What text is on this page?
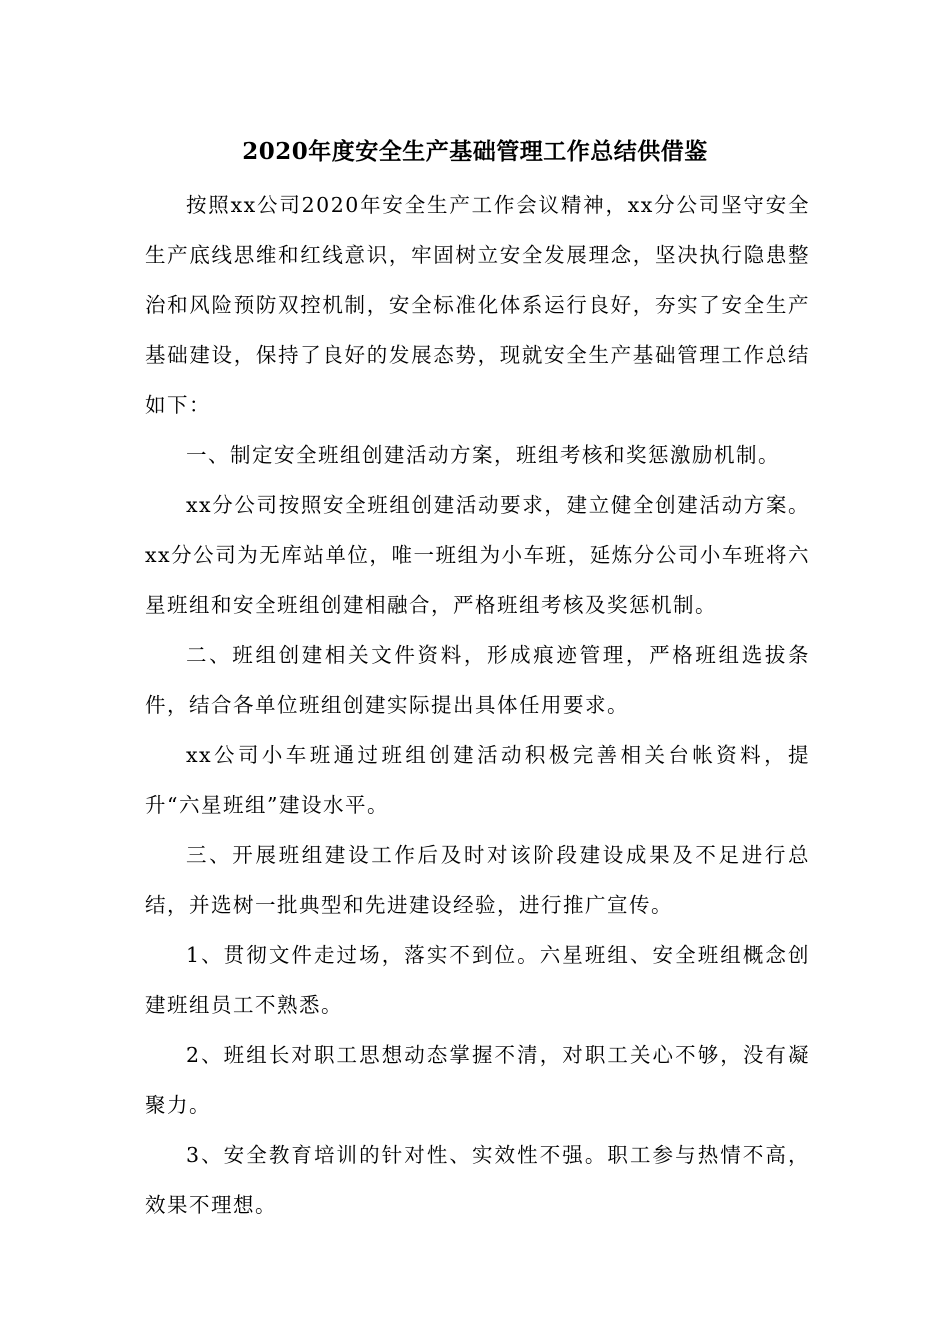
2020年度安全生产基础管理工作总结供借鉴

按照xx公司2020年安全生产工作会议精神，xx分公司坚守安全生产底线思维和红线意识，牢固树立安全发展理念，坚决执行隐患整治和风险预防双控机制，安全标准化体系运行良好，夯实了安全生产基础建设，保持了良好的发展态势，现就安全生产基础管理工作总结如下：

一、制定安全班组创建活动方案，班组考核和奖惩激励机制。

xx分公司按照安全班组创建活动要求，建立健全创建活动方案。xx分公司为无库站单位，唯一班组为小车班，延炼分公司小车班将六星班组和安全班组创建相融合，严格班组考核及奖惩机制。

二、班组创建相关文件资料，形成痕迹管理，严格班组选拔条件，结合各单位班组创建实际提出具体任用要求。

xx公司小车班通过班组创建活动积极完善相关台帐资料，提升“六星班组”建设水平。

三、开展班组建设工作后及时对该阶段建设成果及不足进行总结，并选树一批典型和先进建设经验，进行推广宣传。

1、贯彻文件走过场，落实不到位。六星班组、安全班组概念创建班组员工不熟悉。

2、班组长对职工思想动态掌握不清，对职工关心不够，没有凝聚力。

3、安全教育培训的针对性、实效性不强。职工参与热情不高，效果不理想。
